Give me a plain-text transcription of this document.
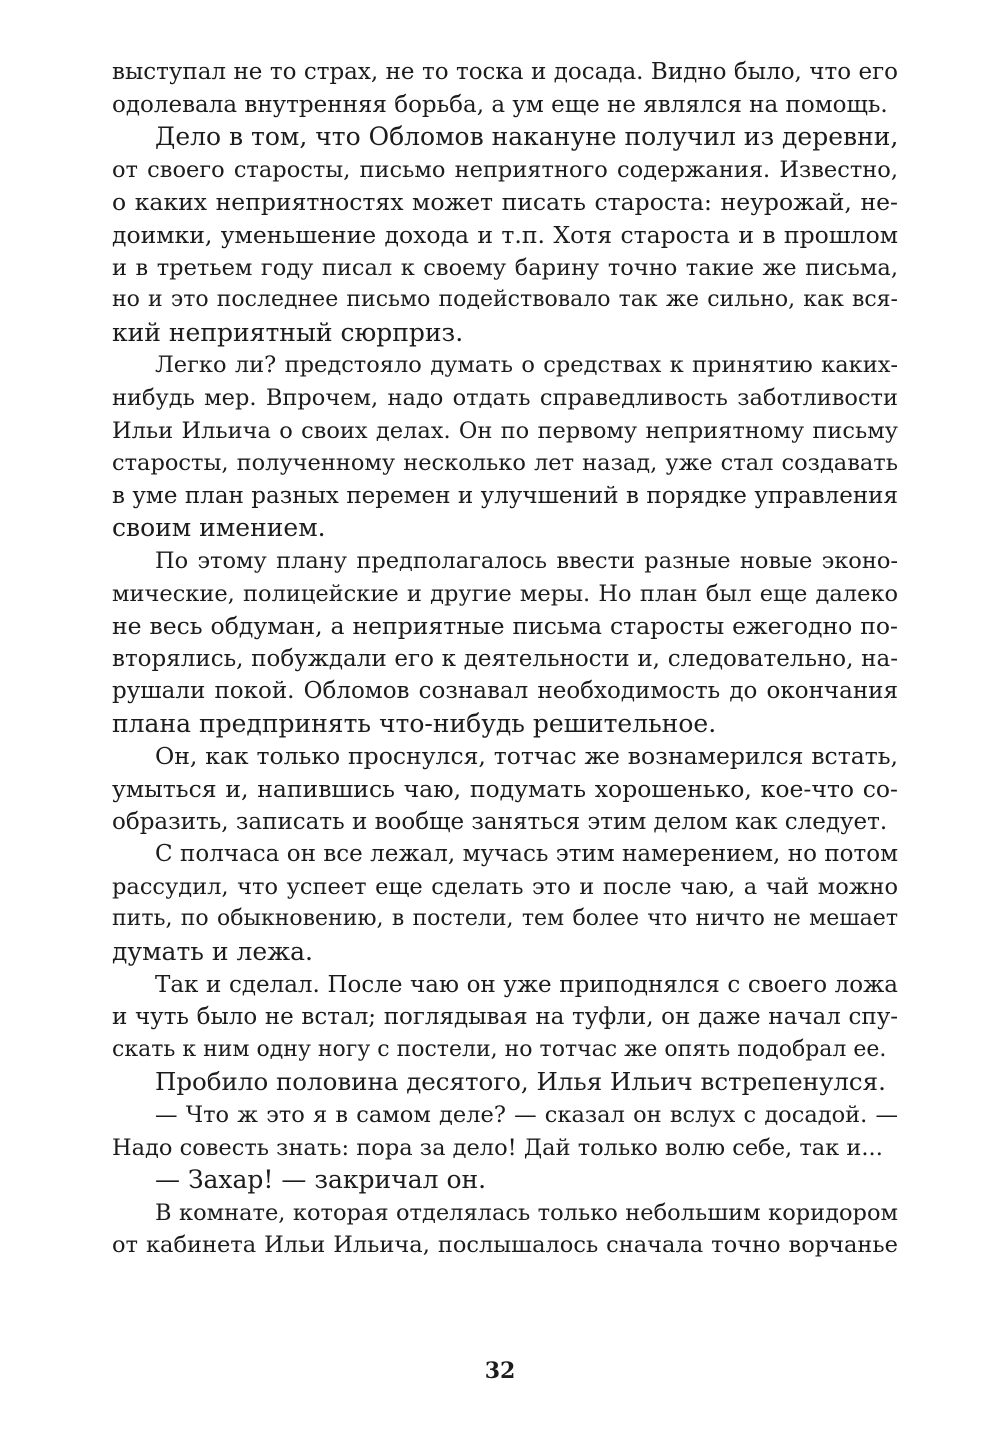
выступал не то страх, не то тоска и досада. Видно было, что его
одолевала внутренняя борьба, а ум еще не являлся на помощь.
Дело в том, что Обломов накануне получил из деревни,
от своего старосты, письмо неприятного содержания. Известно,
о каких неприятностях может писать староста: неурожай, не-
доимки, уменьшение дохода и т.п. Хотя староста и в прошлом
и в третьем году писал к своему барину точно такие же письма,
но и это последнее письмо подействовало так же сильно, как вся-
кий неприятный сюрприз.
Легко ли? предстояло думать о средствах к принятию каких-
нибудь мер. Впрочем, надо отдать справедливость заботливости
Ильи Ильича о своих делах. Он по первому неприятному письму
старосты, полученному несколько лет назад, уже стал создавать
в уме план разных перемен и улучшений в порядке управления
своим имением.
По этому плану предполагалось ввести разные новые эконо-
мические, полицейские и другие меры. Но план был еще далеко
не весь обдуман, а неприятные письма старосты ежегодно по-
вторялись, побуждали его к деятельности и, следовательно, на-
рушали покой. Обломов сознавал необходимость до окончания
плана предпринять что-нибудь решительное.
Он, как только проснулся, тотчас же вознамерился встать,
умыться и, напившись чаю, подумать хорошенько, кое-что со-
образить, записать и вообще заняться этим делом как следует.
С полчаса он все лежал, мучась этим намерением, но потом
рассудил, что успеет еще сделать это и после чаю, а чай можно
пить, по обыкновению, в постели, тем более что ничто не мешает
думать и лежа.
Так и сделал. После чаю он уже приподнялся с своего ложа
и чуть было не встал; поглядывая на туфли, он даже начал спу-
скать к ним одну ногу с постели, но тотчас же опять подобрал ее.
Пробило половина десятого, Илья Ильич встрепенулся.
— Что ж это я в самом деле? — сказал он вслух с досадой. —
Надо совесть знать: пора за дело! Дай только волю себе, так и...
— Захар! — закричал он.
В комнате, которая отделялась только небольшим коридором
от кабинета Ильи Ильича, послышалось сначала точно ворчанье
32
